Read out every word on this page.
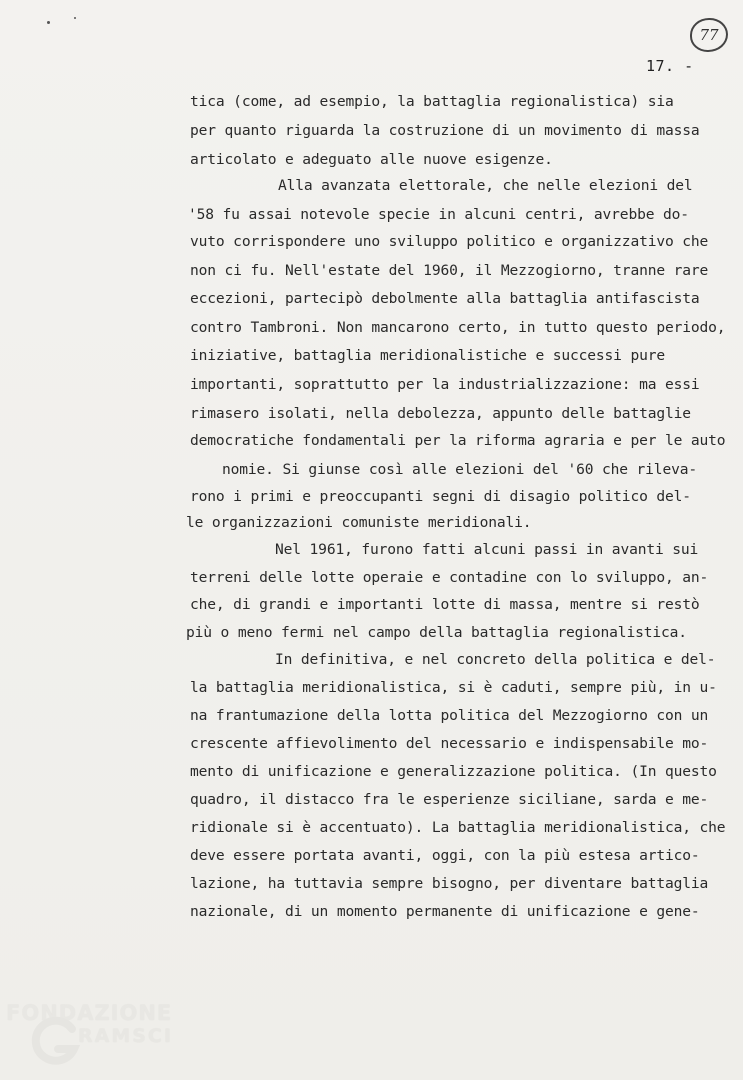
77
17. -
tica (come, ad esempio, la battaglia regionalistica) sia
per quanto riguarda la costruzione di un movimento di massa
articolato e adeguato alle nuove esigenze.
Alla avanzata elettorale, che nelle elezioni del
'58 fu assai notevole specie in alcuni centri, avrebbe do-
vuto corrispondere uno sviluppo politico e organizzativo che
non ci fu. Nell'estate del 1960, il Mezzogiorno, tranne rare
eccezioni, partecipò debolmente alla battaglia antifascista
contro Tambroni. Non mancarono certo, in tutto questo periodo,
iniziative, battaglia meridionalistiche e successi pure
importanti, soprattutto per la industrializzazione: ma essi
rimasero isolati, nella debolezza, appunto delle battaglie
democratiche fondamentali per la riforma agraria e per le auto
nomie. Si giunse così alle elezioni del '60 che rileva-
rono i primi e preoccupanti segni di disagio politico del-
le organizzazioni comuniste meridionali.
Nel 1961, furono fatti alcuni passi in avanti sui
terreni delle lotte operaie e contadine con lo sviluppo, an-
che, di grandi e importanti lotte di massa, mentre si restò
più o meno fermi nel campo della battaglia regionalistica.
In definitiva, e nel concreto della politica e del-
la battaglia meridionalistica, si è caduti, sempre più, in u-
na frantumazione della lotta politica del Mezzogiorno con un
crescente affievolimento del necessario e indispensabile mo-
mento di unificazione e generalizzazione politica. (In questo
quadro, il distacco fra le esperienze siciliane, sarda e me-
ridionale si è accentuato). La battaglia meridionalistica, che
deve essere portata avanti, oggi, con la più estesa artico-
lazione, ha tuttavia sempre bisogno, per diventare battaglia
nazionale, di un momento permanente di unificazione e gene-
FONDAZIONE
RAMSCI
